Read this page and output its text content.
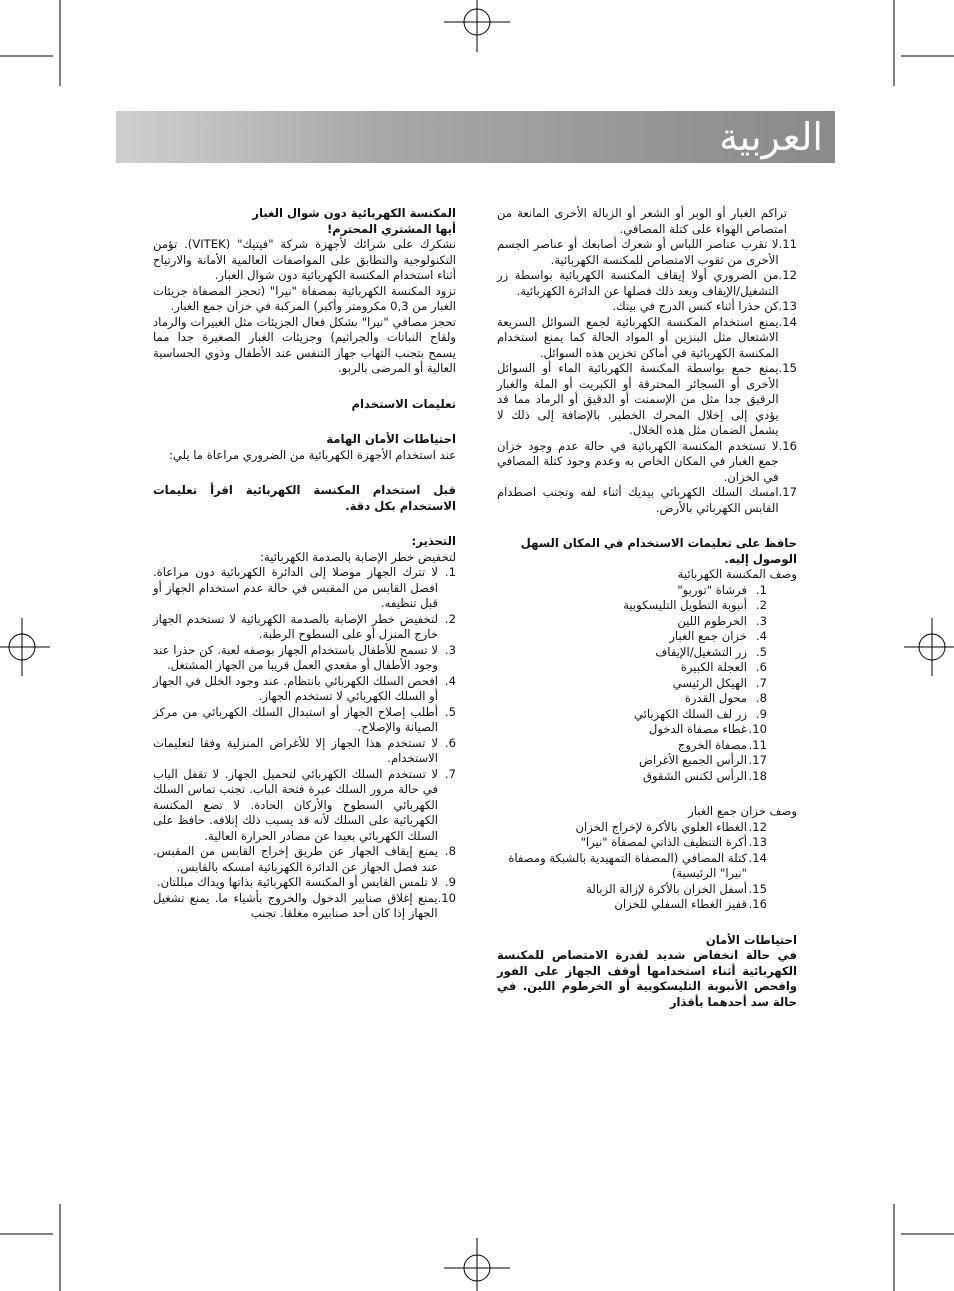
العربية

تراكم الغبار أو الوبر أو الشعر أو الزبالة الأخرى المانعة من امتصاص الهواء على كتلة المصافي.

11.
لا تقرب عناصر اللباس أو شعرك أصابعك أو عناصر الجسم الأخرى من ثقوب الامتصاص للمكنسة الكهربائية.
12.
من الضروري أولا إيقاف المكنسة الكهربائية بواسطة زر التشغيل/الإيقاف وبعد ذلك فصلها عن الدائرة الكهربائية.
13.
كن حذرا أثناء كنس الدرج في بيتك.
14.
يمنع استخدام المكنسة الكهربائية لجمع السوائل السريعة الاشتعال مثل البنزين أو المواد الحالة كما يمنع استخدام المكنسة الكهربائية في أماكن تخزين هذه السوائل.
15.
يمنع جمع بواسطة المكنسة الكهربائية الماء أو السوائل الأخرى أو السجائر المحترقة أو الكبريت أو الملة والغبار الرقيق جدا مثل من الإسمنت أو الدقيق أو الرماد مما قد يؤدي إلى إخلال المحرك الخطير. بالإضافة إلى ذلك لا يشمل الضمان مثل هذه الخلال.
16.
لا تستخدم المكنسة الكهربائية في حالة عدم وجود خزان جمع الغبار في المكان الخاص به وعدم وجود كتلة المصافي في الخزان.
17.
امسك السلك الكهربائي بيديك أثناء لفه وتجنب اصطدام القابس الكهربائي بالأرض.

حافظ على تعليمات الاستخدام في المكان السهل الوصول إليه.

وصف المكنسة الكهربائية

1.
فرشاة "توربو"
2.
أنبوبة التطويل التليسكوبية
3.
الخرطوم اللين
4.
خزان جمع الغبار
5.
زر التشغيل/الإيقاف
6.
العجلة الكبيرة
7.
الهيكل الرئيسي
8.
محول القدرة
9.
زر لف السلك الكهربائي
10.
غطاء مصفاة الدخول
11.
مصفاة الخروج
17.
الرأس الجميع الأغراض
18.
الرأس لكنس الشقوق

وصف خزان جمع الغبار

12.
الغطاء العلوي بالأكرة لإخراج الخزان
13.
أكرة التنظيف الذاتي لمصفاة "نيرا"
14.
كتلة المصافي (المصفاة التمهيدية بالشبكة ومصفاة "نيرا" الرئيسية)
15.
أسفل الخزان بالأكرة لإزالة الزبالة
16.
قفيز الغطاء السفلي للخزان

احتياطات الأمان

في حالة انخفاض شديد لقدرة الامتصاص للمكنسة الكهربائية أثناء استخدامها أوقف الجهاز على الفور وافحص الأنبوبة التليسكوبية أو الخرطوم اللين. في حالة سد أحدهما بأقذار

المكنسة الكهربائية دون شوال الغبار

أيها المشتري المحترم!

نشكرك على شرائك لأجهزة شركة "فيتيك" (VITEK). تؤمن التكنولوجية والتطابق على المواصفات العالمية الأمانة والارتياح أثناء استخدام المكنسة الكهربائية دون شوال الغبار.

تزود المكنسة الكهربائية بمصفاة "نيرا" (تحجز المصفاة جزيئات الغبار من 0,3 مكرومتر وأكبر) المركبة في خزان جمع الغبار.

تحجز مصافي "نيرا" بشكل فعال الجزيئات مثل الغبيرات والرماد ولقاح النباتات والجراثيم) وجزيئات الغبار الصغيرة جدا مما يسمح بتجنب التهاب جهاز التنفس عند الأطفال وذوي الحساسية العالية أو المرضى بالربو.

تعليمات الاستخدام

احتياطات الأمان الهامة

عند استخدام الأجهزة الكهربائية من الضروري مراعاة ما يلي:

قبل استخدام المكنسة الكهربائية اقرأ تعليمات الاستخدام بكل دقة.

التحذير:

لتخفيض خطر الإصابة بالصدمة الكهربائية:

1.
لا تترك الجهاز موصلا إلى الدائرة الكهربائية دون مراعاة. افصل القابس من المقبس في حالة عدم استخدام الجهاز أو قبل تنظيفه.
2.
لتخفيض خطر الإصابة بالصدمة الكهربائية لا تستخدم الجهاز خارج المنزل أو على السطوح الرطبة.
3.
لا تسمح للأطفال باستخدام الجهاز بوصفه لعبة. كن حذرا عند وجود الأطفال أو مقعدي العمل قريبا من الجهاز المشتغل.
4.
افحص السلك الكهربائي بانتظام. عند وجود الخلل في الجهاز أو السلك الكهربائي لا تستخدم الجهاز.
5.
أطلب إصلاح الجهاز أو استبدال السلك الكهربائي من مركز الصيانة والإصلاح.
6.
لا تستخدم هذا الجهاز إلا للأغراض المنزلية وفقا لتعليمات الاستخدام.
7.
لا تستخدم السلك الكهربائي لتحميل الجهاز. لا تقفل الباب في حالة مرور السلك عبرة فتحة الباب. تجنب تماس السلك الكهربائي السطوح والأركان الحادة. لا تضع المكنسة الكهربائية على السلك لأنه قد يسبب ذلك إتلافه. حافظ على السلك الكهربائي بعيدا عن مصادر الحرارة العالية.
8.
يمنع إيقاف الجهاز عن طريق إخراج القابس من المقبس. عند فصل الجهاز عن الدائرة الكهربائية امسكه بالقابس.
9.
لا تلمس القابس أو المكنسة الكهربائية بذاتها ويداك مبللتان.
10.
يمنع إغلاق صنابير الدخول والخروج بأشياء ما. يمنع تشغيل الجهاز إذا كان أحد صنابيره مغلقا. تجنب
